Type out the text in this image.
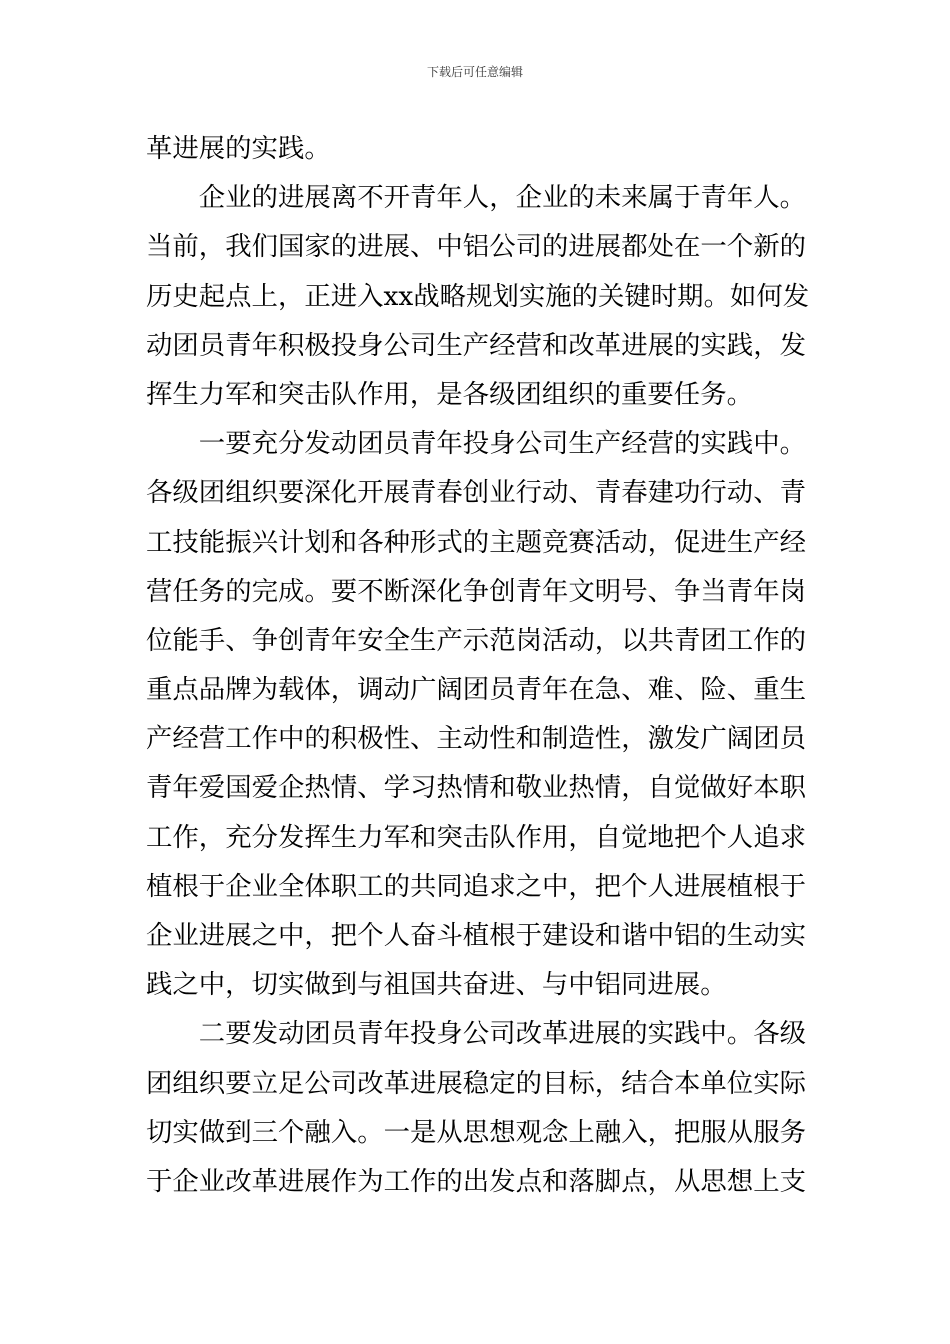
下载后可任意编辑
革进展的实践。
　　企业的进展离不开青年人，企业的未来属于青年人。
当前，我们国家的进展、中铝公司的进展都处在一个新的
历史起点上，正进入xx战略规划实施的关键时期。如何发
动团员青年积极投身公司生产经营和改革进展的实践，发
挥生力军和突击队作用，是各级团组织的重要任务。
　　一要充分发动团员青年投身公司生产经营的实践中。
各级团组织要深化开展青春创业行动、青春建功行动、青
工技能振兴计划和各种形式的主题竞赛活动，促进生产经
营任务的完成。要不断深化争创青年文明号、争当青年岗
位能手、争创青年安全生产示范岗活动，以共青团工作的
重点品牌为载体，调动广阔团员青年在急、难、险、重生
产经营工作中的积极性、主动性和制造性，激发广阔团员
青年爱国爱企热情、学习热情和敬业热情，自觉做好本职
工作，充分发挥生力军和突击队作用，自觉地把个人追求
植根于企业全体职工的共同追求之中，把个人进展植根于
企业进展之中，把个人奋斗植根于建设和谐中铝的生动实
践之中，切实做到与祖国共奋进、与中铝同进展。
　　二要发动团员青年投身公司改革进展的实践中。各级
团组织要立足公司改革进展稳定的目标，结合本单位实际
切实做到三个融入。一是从思想观念上融入，把服从服务
于企业改革进展作为工作的出发点和落脚点，从思想上支
